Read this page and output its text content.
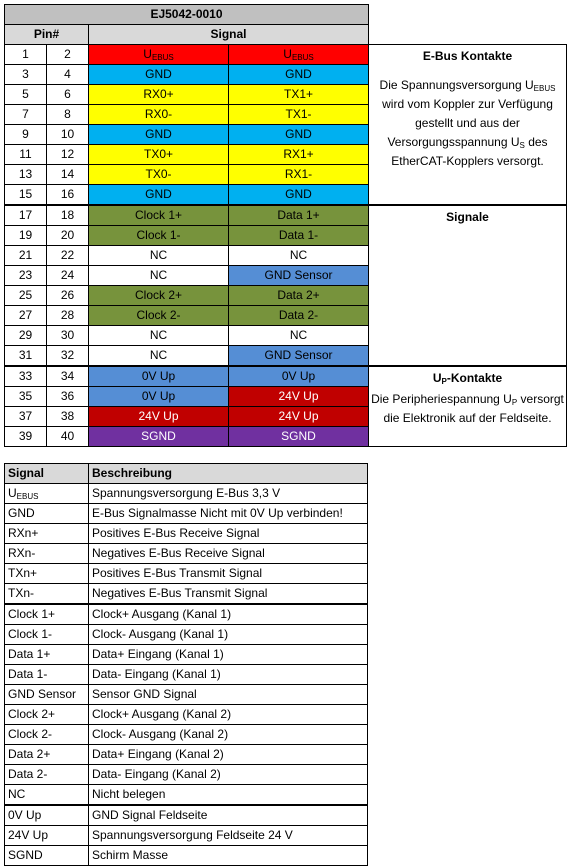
EJ5042-0010				
Pin#		Signal		
1	2	$U_{EBUS}$	$U_{EBUS}$	E-Bus Kontakte
Die Spannungsversorgung $U_{EBUS}$ wird vom Koppler zur Verfügung gestellt und aus der Versorgungsspannung $U_S$ des EtherCAT-Kopplers versorgt.

3	4	GND	GND	
5	6	RX0+	TX1+	
7	8	RX0-	TX1-	
9	10	GND	GND	
11	12	TX0+	RX1+	
13	14	TX0-	RX1-	
15	16	GND	GND	
17	18	Clock 1+	Data 1+	Signale

19	20	Clock 1-	Data 1-	
21	22	NC	NC	
23	24	NC	GND Sensor	
25	26	Clock 2+	Data 2+	
27	28	Clock 2-	Data 2-	
29	30	NC	NC	
31	32	NC	GND Sensor	
33	34	0V Up	0V Up	$U_P$-Kontakte
Die Peripheriespannung $U_P$ versorgt die Elektronik auf der Feldseite.

35	36	0V Up	24V Up	
37	38	24V Up	24V Up	
39	40	SGND	SGND	
Signal	Beschreibung
$U_{EBUS}$	Spannungsversorgung E-Bus 3,3 V
GND	E-Bus Signalmasse Nicht mit 0V Up verbinden!
RXn+	Positives E-Bus Receive Signal
RXn-	Negatives E-Bus Receive Signal
TXn+	Positives E-Bus Transmit Signal
TXn-	Negatives E-Bus Transmit Signal
Clock 1+	Clock+ Ausgang (Kanal 1)
Clock 1-	Clock- Ausgang (Kanal 1)
Data 1+	Data+ Eingang (Kanal 1)
Data 1-	Data- Eingang (Kanal 1)
GND Sensor	Sensor GND Signal
Clock 2+	Clock+ Ausgang (Kanal 2)
Clock 2-	Clock- Ausgang (Kanal 2)
Data 2+	Data+ Eingang (Kanal 2)
Data 2-	Data- Eingang (Kanal 2)
NC	Nicht belegen
0V Up	GND Signal Feldseite
24V Up	Spannungsversorgung Feldseite 24 V
SGND	Schirm Masse
